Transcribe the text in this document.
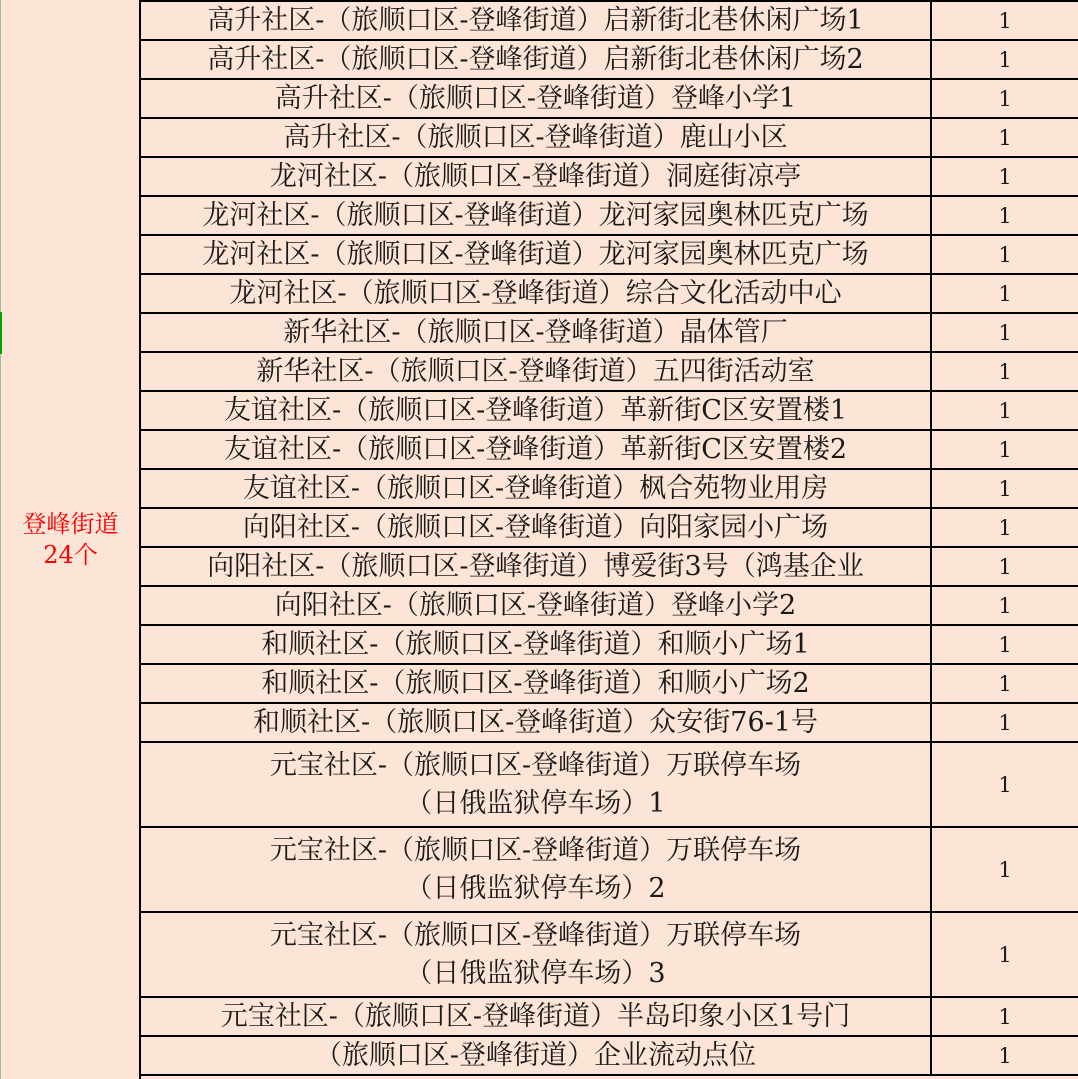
登峰街道
24个
高升社区-（旅顺口区-登峰街道）启新街北巷休闲广场1	1
高升社区-（旅顺口区-登峰街道）启新街北巷休闲广场2	1
高升社区-（旅顺口区-登峰街道）登峰小学1	1
高升社区-（旅顺口区-登峰街道）鹿山小区	1
龙河社区-（旅顺口区-登峰街道）洞庭街凉亭	1
龙河社区-（旅顺口区-登峰街道）龙河家园奥林匹克广场	1
龙河社区-（旅顺口区-登峰街道）龙河家园奥林匹克广场	1
龙河社区-（旅顺口区-登峰街道）综合文化活动中心	1
新华社区-（旅顺口区-登峰街道）晶体管厂	1
新华社区-（旅顺口区-登峰街道）五四街活动室	1
友谊社区-（旅顺口区-登峰街道）革新街C区安置楼1	1
友谊社区-（旅顺口区-登峰街道）革新街C区安置楼2	1
友谊社区-（旅顺口区-登峰街道）枫合苑物业用房	1
向阳社区-（旅顺口区-登峰街道）向阳家园小广场	1
向阳社区-（旅顺口区-登峰街道）博爱街3号（鸿基企业	1
向阳社区-（旅顺口区-登峰街道）登峰小学2	1
和顺社区-（旅顺口区-登峰街道）和顺小广场1	1
和顺社区-（旅顺口区-登峰街道）和顺小广场2	1
和顺社区-（旅顺口区-登峰街道）众安街76-1号	1
元宝社区-（旅顺口区-登峰街道）万联停车场
（日俄监狱停车场）1
1
元宝社区-（旅顺口区-登峰街道）万联停车场
（日俄监狱停车场）2
1
元宝社区-（旅顺口区-登峰街道）万联停车场
（日俄监狱停车场）3
1
元宝社区-（旅顺口区-登峰街道）半岛印象小区1号门	1
（旅顺口区-登峰街道）企业流动点位	1
